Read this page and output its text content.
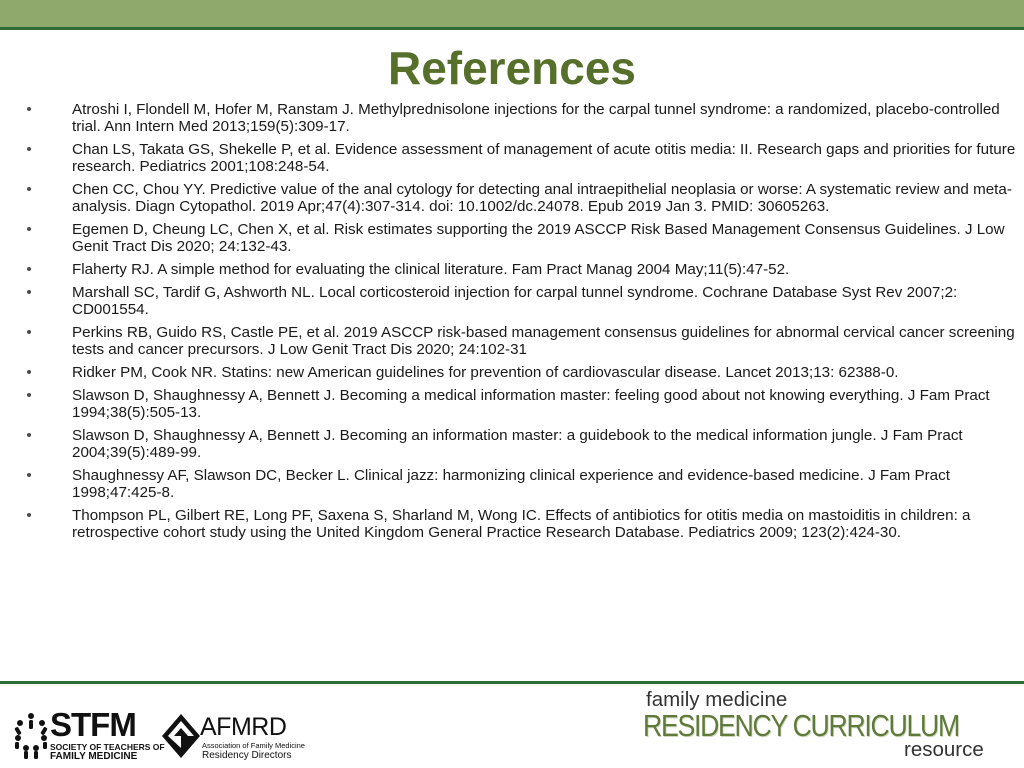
References
•	Atroshi I, Flondell M, Hofer M, Ranstam J. Methylprednisolone injections for the carpal tunnel syndrome: a randomized, placebo-controlled trial. Ann Intern Med 2013;159(5):309-17.
•	Chan LS, Takata GS, Shekelle P, et al. Evidence assessment of management of acute otitis media: II. Research gaps and priorities for future research. Pediatrics 2001;108:248-54.
•	Chen CC, Chou YY. Predictive value of the anal cytology for detecting anal intraepithelial neoplasia or worse: A systematic review and meta-analysis. Diagn Cytopathol. 2019 Apr;47(4):307-314. doi: 10.1002/dc.24078. Epub 2019 Jan 3. PMID: 30605263.
•	Egemen D, Cheung LC, Chen X, et al. Risk estimates supporting the 2019 ASCCP Risk Based Management Consensus Guidelines. J Low Genit Tract Dis 2020; 24:132-43.
•	Flaherty RJ. A simple method for evaluating the clinical literature. Fam Pract Manag 2004 May;11(5):47-52.
•	Marshall SC, Tardif G, Ashworth NL. Local corticosteroid injection for carpal tunnel syndrome. Cochrane Database Syst Rev 2007;2: CD001554.
•	Perkins RB, Guido RS, Castle PE, et al. 2019 ASCCP risk-based management consensus guidelines for abnormal cervical cancer screening tests and cancer precursors. J Low Genit Tract Dis 2020; 24:102-31
•	Ridker PM, Cook NR. Statins: new American guidelines for prevention of cardiovascular disease. Lancet 2013;13: 62388-0.
•	Slawson D, Shaughnessy A, Bennett J. Becoming a medical information master: feeling good about not knowing everything. J Fam Pract 1994;38(5):505-13.
•	Slawson D, Shaughnessy A, Bennett J. Becoming an information master: a guidebook to the medical information jungle. J Fam Pract 2004;39(5):489-99.
•	Shaughnessy AF, Slawson DC, Becker L. Clinical jazz: harmonizing clinical experience and evidence-based medicine. J Fam Pract 1998;47:425-8.
•	Thompson PL, Gilbert RE, Long PF, Saxena S, Sharland M, Wong IC. Effects of antibiotics for otitis media on mastoiditis in children: a retrospective cohort study using the United Kingdom General Practice Research Database. Pediatrics 2009; 123(2):424-30.
STFM
SOCIETY OF TEACHERS OF
FAMILY MEDICINE
AFMRD
Association of Family Medicine
Residency Directors
family medicine
RESIDENCY CURRICULUM
resource
